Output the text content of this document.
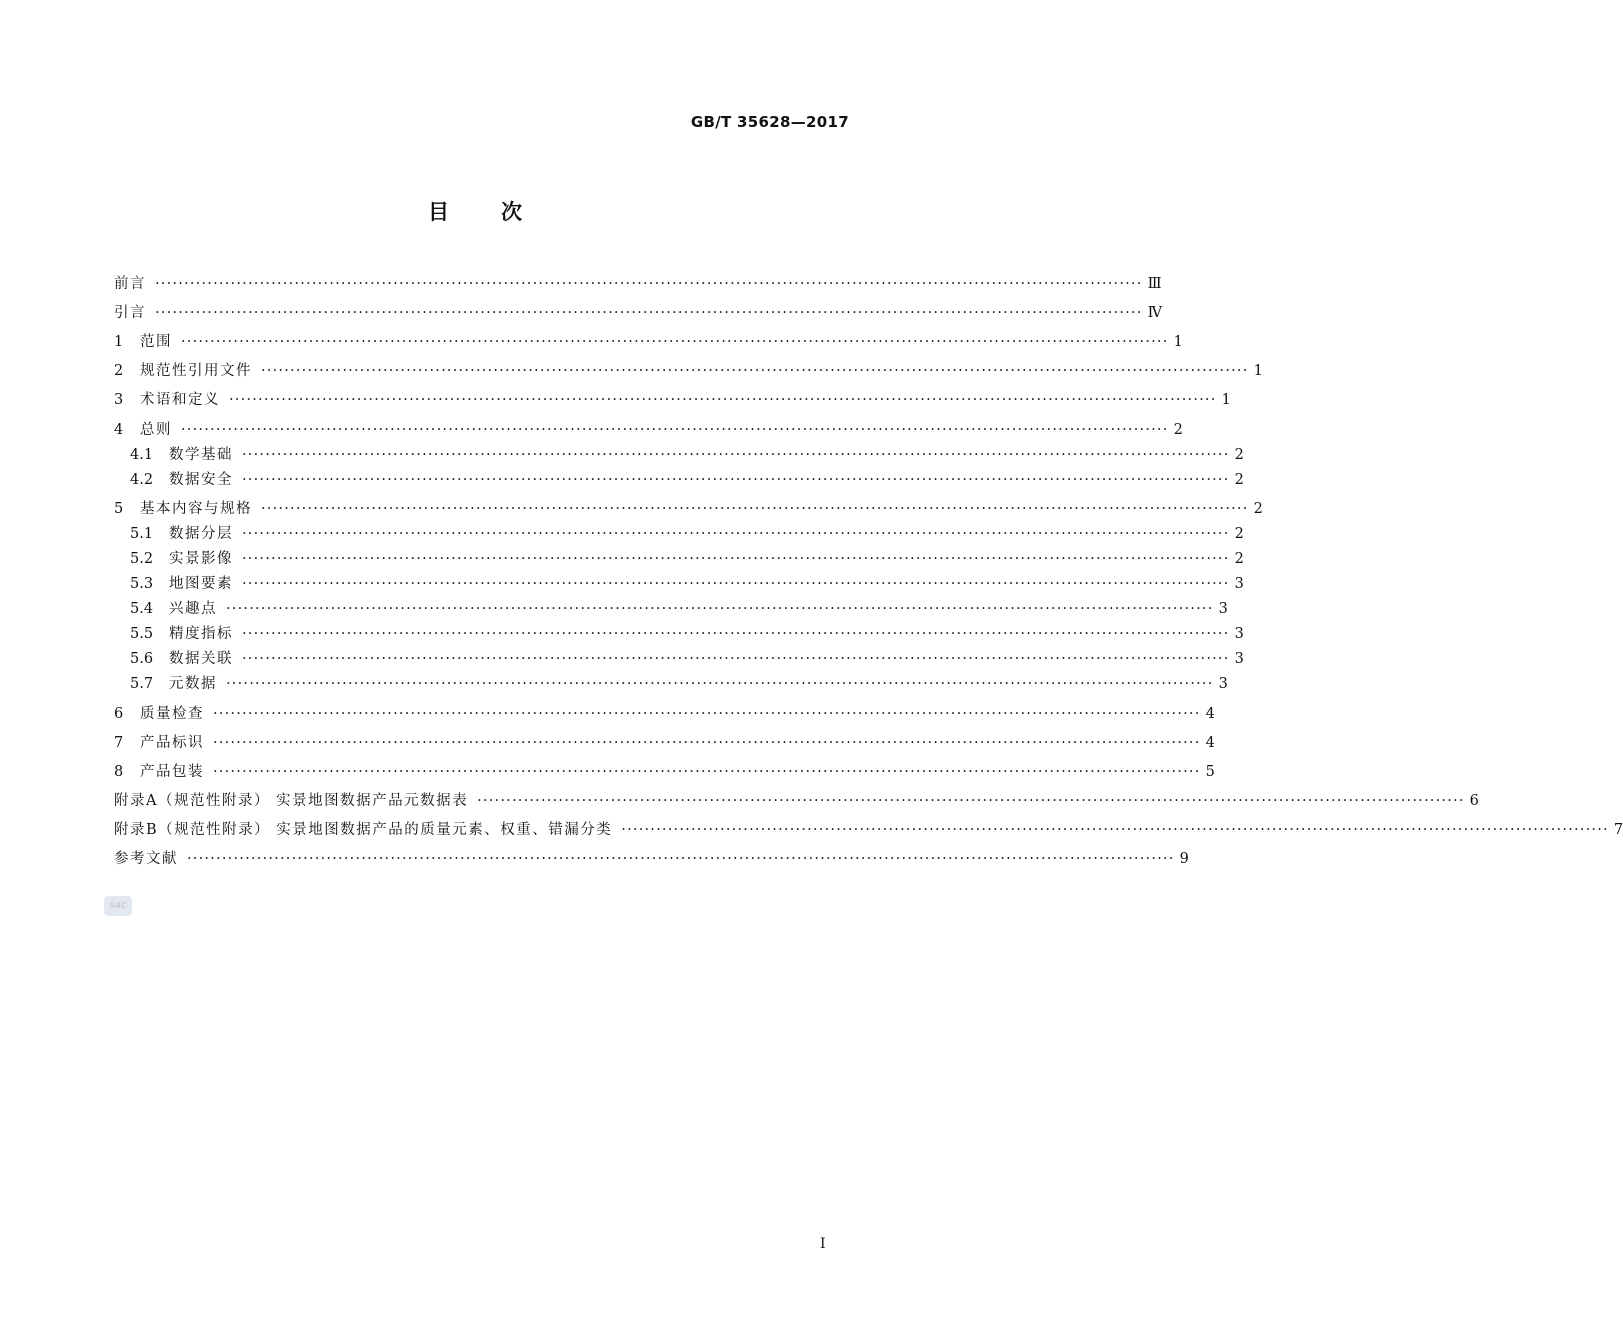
GB/T 35628—2017
目次
前言 ·········································································································································································· Ⅲ
引言 ·········································································································································································· Ⅳ
1	范围 ·········································································································································································· 1
2	规范性引用文件 ·········································································································································································· 1
3	术语和定义 ·········································································································································································· 1
4	总则 ·········································································································································································· 2
4.1	数学基础 ·········································································································································································· 2
4.2	数据安全 ·········································································································································································· 2
5	基本内容与规格 ·········································································································································································· 2
5.1	数据分层 ·········································································································································································· 2
5.2	实景影像 ·········································································································································································· 2
5.3	地图要素 ·········································································································································································· 3
5.4	兴趣点 ·········································································································································································· 3
5.5	精度指标 ·········································································································································································· 3
5.6	数据关联 ·········································································································································································· 3
5.7	元数据 ·········································································································································································· 3
6	质量检查 ·········································································································································································· 4
7	产品标识 ·········································································································································································· 4
8	产品包装 ·········································································································································································· 5
附录A（规范性附录） 实景地图数据产品元数据表 ·········································································································································································· 6
附录B（规范性附录） 实景地图数据产品的质量元素、权重、错漏分类 ·········································································································································································· 7
参考文献 ·········································································································································································· 9
SAC
Ⅰ
